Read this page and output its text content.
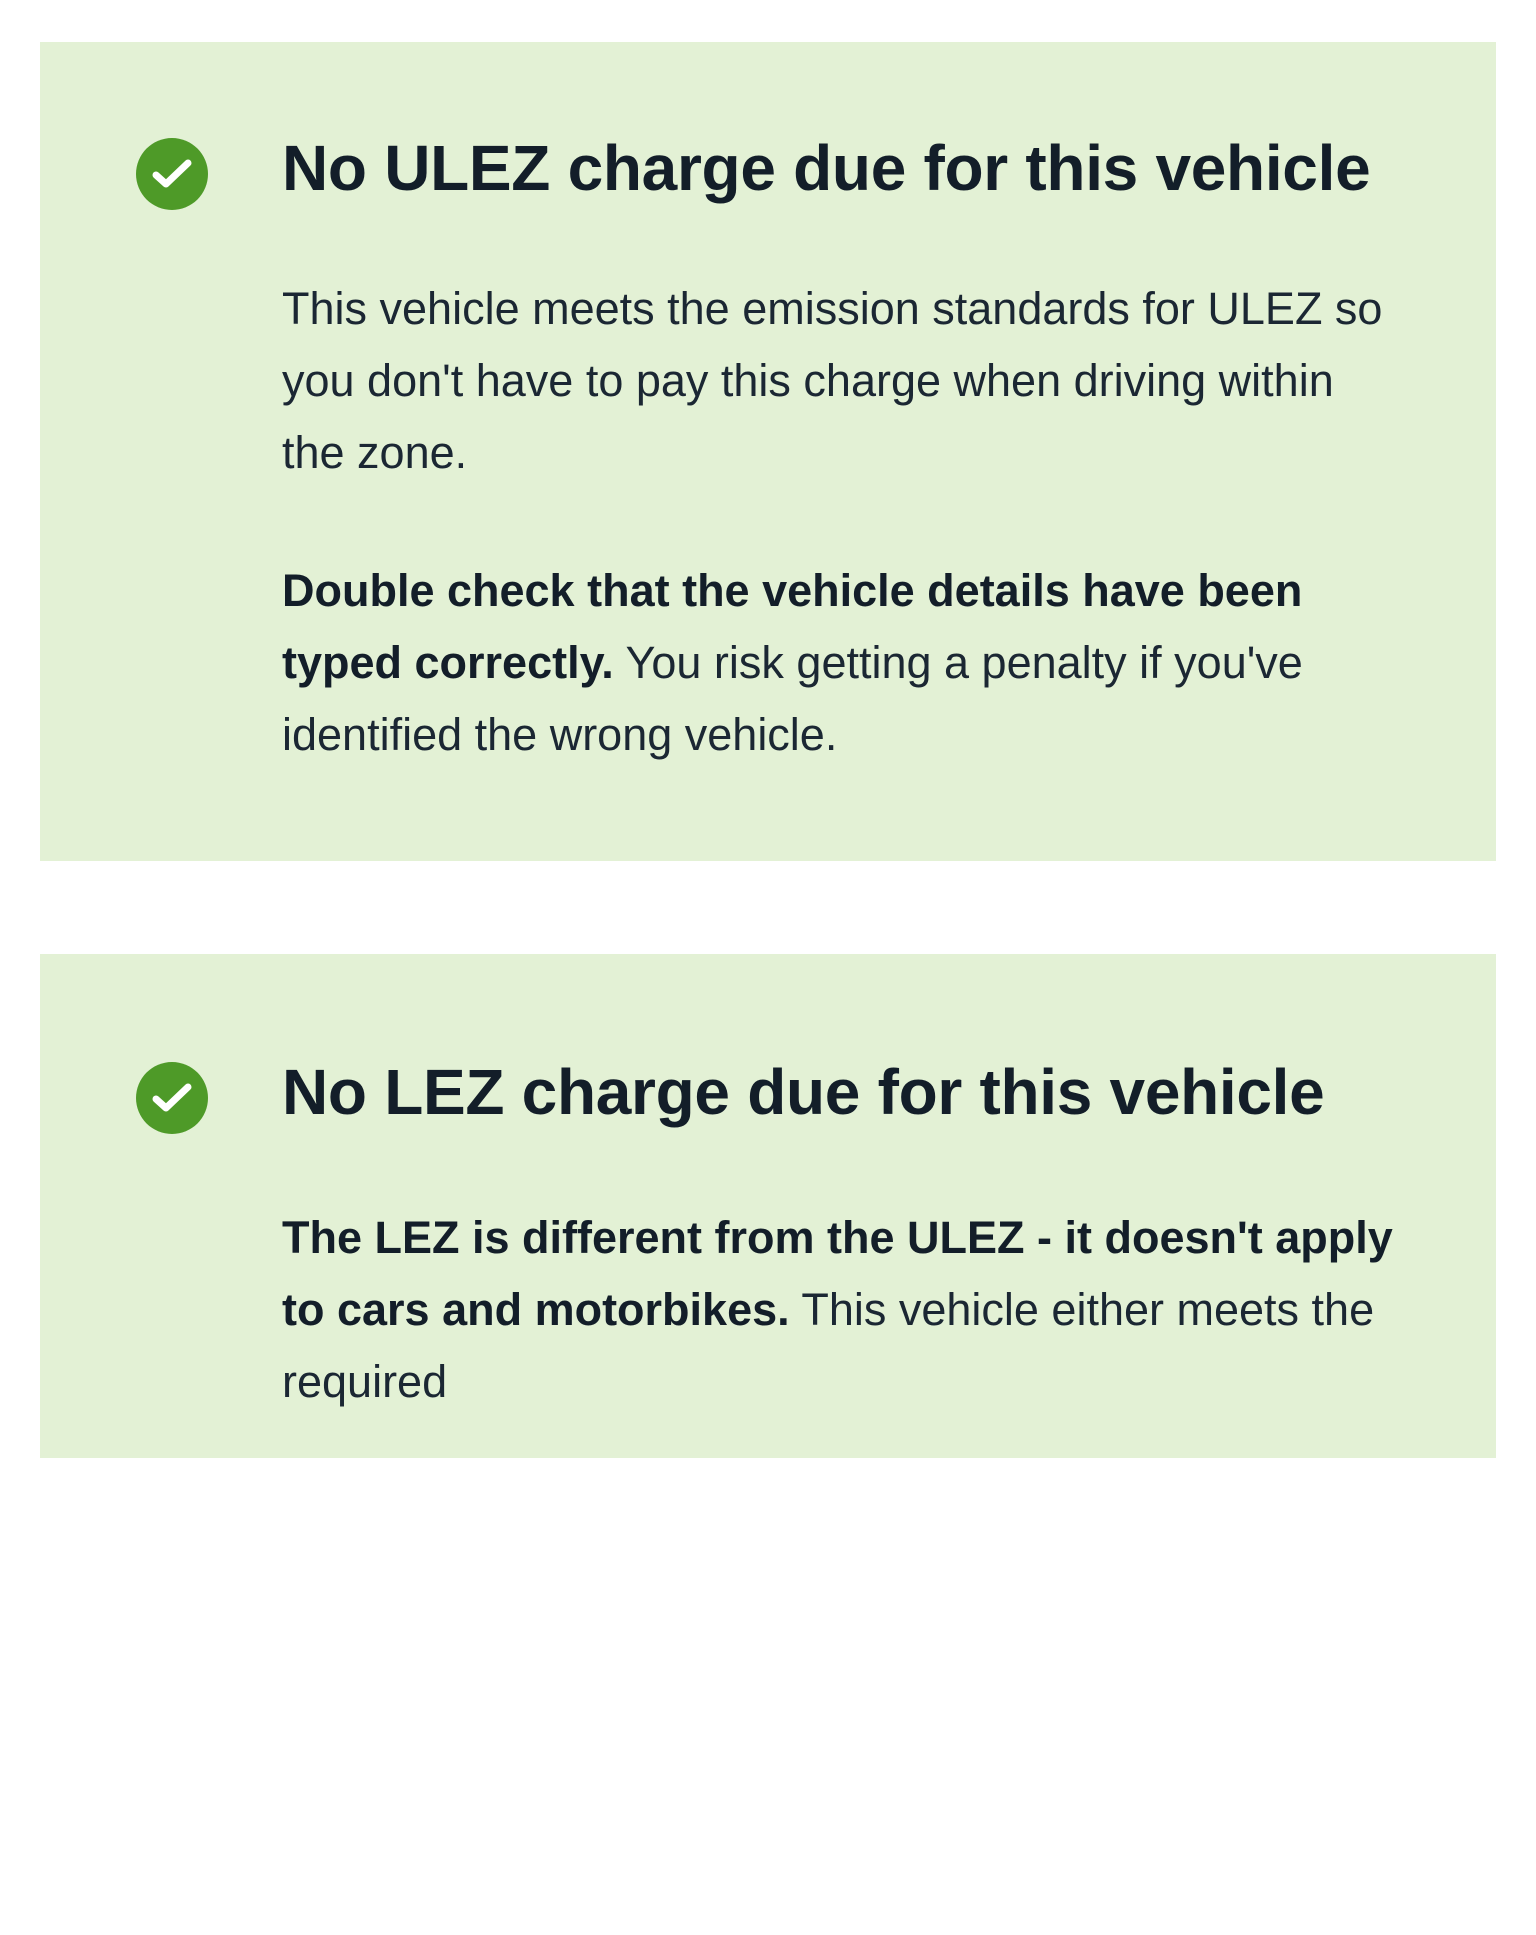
No ULEZ charge due for this vehicle

This vehicle meets the emission standards for ULEZ so you don't have to pay this charge when driving within the zone.

Double check that the vehicle details have been typed correctly. You risk getting a penalty if you've identified the wrong vehicle.

No LEZ charge due for this vehicle

The LEZ is different from the ULEZ - it doesn't apply to cars and motorbikes. This vehicle either meets the required
